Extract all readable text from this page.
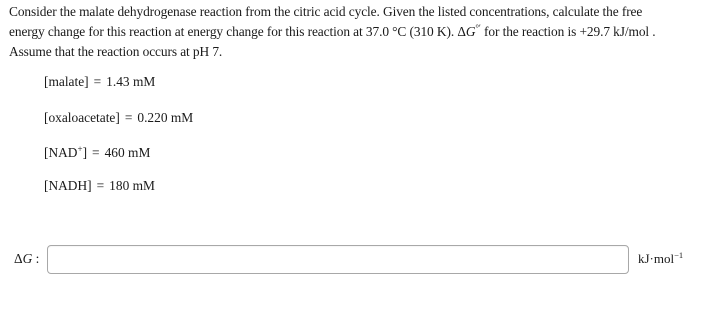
Consider the malate dehydrogenase reaction from the citric acid cycle. Given the listed concentrations, calculate the free

energy change for this reaction at energy change for this reaction at 37.0 °C (310 K). ΔG°′ for the reaction is +29.7 kJ/mol .

Assume that the reaction occurs at pH 7.

[malate] = 1.43 mM
[oxaloacetate] = 0.220 mM
[NAD+] = 460 mM
[NADH] = 180 mM
ΔG :	kJ·mol$^{-1}$
